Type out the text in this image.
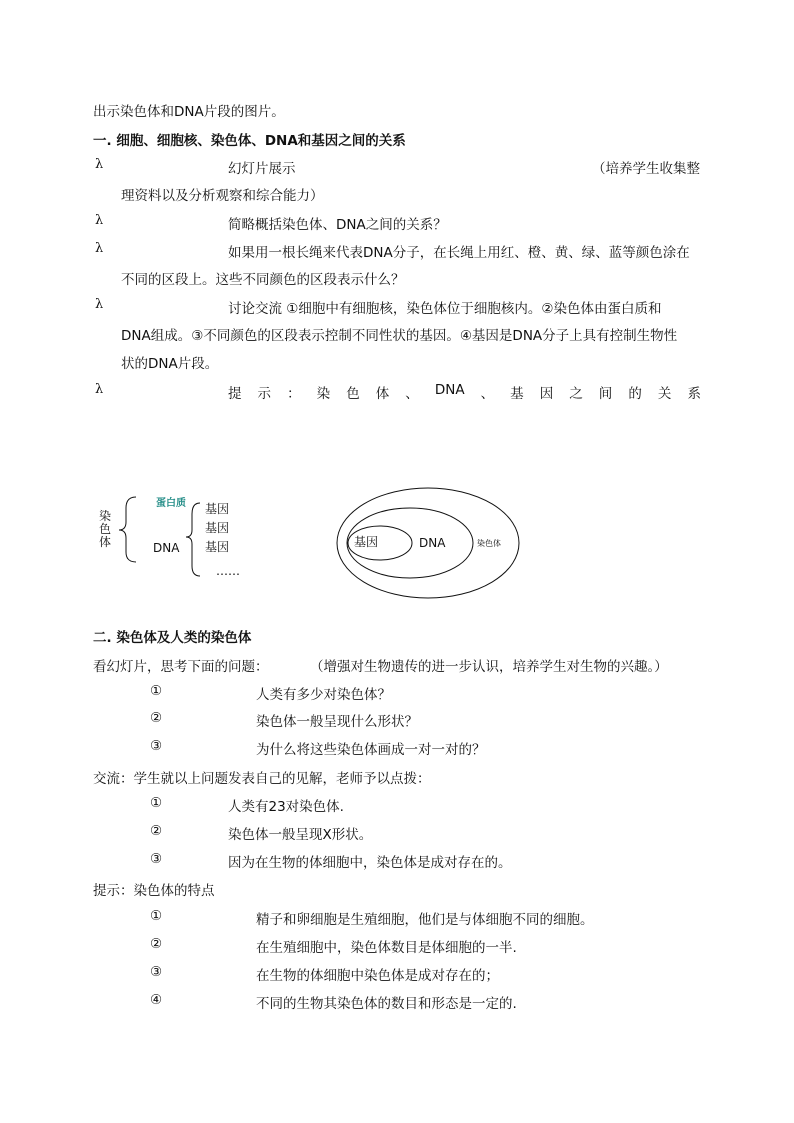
出示染色体和DNA片段的图片。
一. 细胞、细胞核、染色体、DNA和基因之间的关系
λ	幻灯片展示	（培养学生收集整
理资料以及分析观察和综合能力）
λ	简略概括染色体、DNA之间的关系？
λ	如果用一根长绳来代表DNA分子，在长绳上用红、橙、黄、绿、蓝等颜色涂在
不同的区段上。这些不同颜色的区段表示什么？
λ	讨论交流 ①细胞中有细胞核，染色体位于细胞核内。②染色体由蛋白质和
DNA组成。③不同颜色的区段表示控制不同性状的基因。④基因是DNA分子上具有控制生物性
状的DNA片段。
λ	提 示 ： 染 色 体 、 DNA 、 基 因 之 间 的 关 系
染
色
体
蛋白质
DNA
基因
基因
基因
……
基因	DNA	染色体
二. 染色体及人类的染色体
看幻灯片，思考下面的问题：	（增强对生物遗传的进一步认识，培养学生对生物的兴趣。）
①	人类有多少对染色体？
②	染色体一般呈现什么形状？
③	为什么将这些染色体画成一对一对的？
交流：学生就以上问题发表自己的见解，老师予以点拨：
①	人类有23对染色体.
②	染色体一般呈现X形状。
③	因为在生物的体细胞中，染色体是成对存在的。
提示：染色体的特点
①	精子和卵细胞是生殖细胞，他们是与体细胞不同的细胞。
②	在生殖细胞中，染色体数目是体细胞的一半.
③	在生物的体细胞中染色体是成对存在的；
④	不同的生物其染色体的数目和形态是一定的.
